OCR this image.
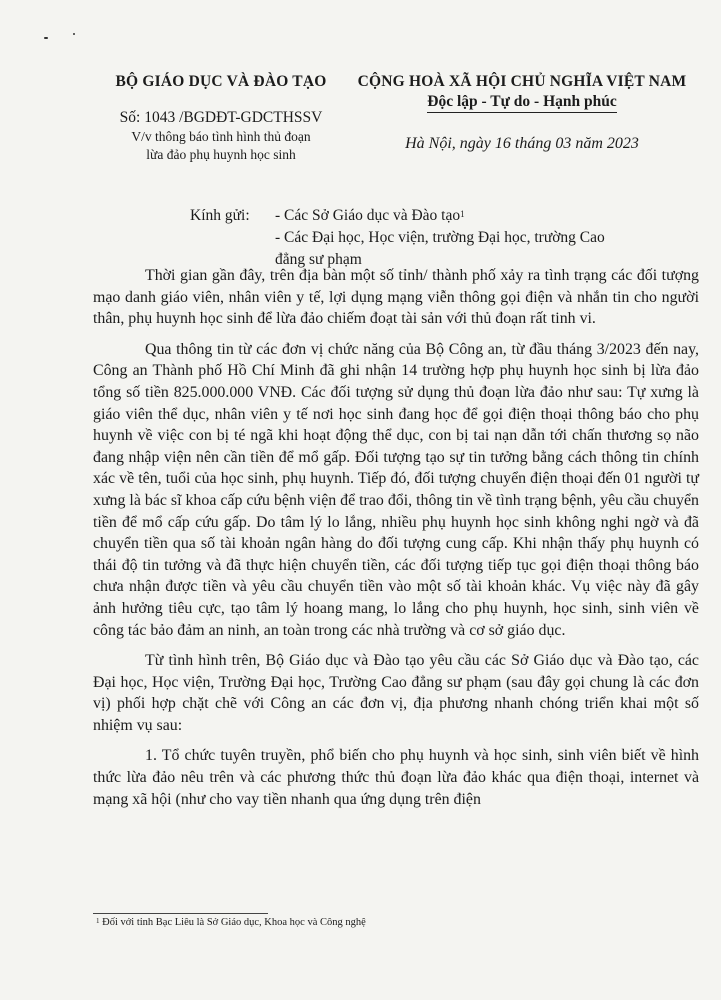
BỘ GIÁO DỤC VÀ ĐÀO TẠO
Số: 1043 /BGDĐT-GDCTHSSV
V/v thông báo tình hình thủ đoạn
lừa đảo phụ huynh học sinh
CỘNG HOÀ XÃ HỘI CHỦ NGHĨA VIỆT NAM
Độc lập - Tự do - Hạnh phúc
Hà Nội, ngày 16 tháng 03 năm 2023
Kính gửi: - Các Sở Giáo dục và Đào tạo$^1$
- Các Đại học, Học viện, trường Đại học, trường Cao
đẳng sư phạm

Thời gian gần đây, trên địa bàn một số tỉnh/ thành phố xảy ra tình trạng các đối tượng mạo danh giáo viên, nhân viên y tế, lợi dụng mạng viễn thông gọi điện và nhắn tin cho người thân, phụ huynh học sinh để lừa đảo chiếm đoạt tài sản với thủ đoạn rất tinh vi.

Qua thông tin từ các đơn vị chức năng của Bộ Công an, từ đầu tháng 3/2023 đến nay, Công an Thành phố Hồ Chí Minh đã ghi nhận 14 trường hợp phụ huynh học sinh bị lừa đảo tổng số tiền 825.000.000 VNĐ. Các đối tượng sử dụng thủ đoạn lừa đảo như sau: Tự xưng là giáo viên thể dục, nhân viên y tế nơi học sinh đang học để gọi điện thoại thông báo cho phụ huynh về việc con bị té ngã khi hoạt động thể dục, con bị tai nạn dẫn tới chấn thương sọ não đang nhập viện nên cần tiền để mổ gấp. Đối tượng tạo sự tin tưởng bằng cách thông tin chính xác về tên, tuổi của học sinh, phụ huynh. Tiếp đó, đối tượng chuyển điện thoại đến 01 người tự xưng là bác sĩ khoa cấp cứu bệnh viện để trao đổi, thông tin về tình trạng bệnh, yêu cầu chuyển tiền để mổ cấp cứu gấp. Do tâm lý lo lắng, nhiều phụ huynh học sinh không nghi ngờ và đã chuyển tiền qua số tài khoản ngân hàng do đối tượng cung cấp. Khi nhận thấy phụ huynh có thái độ tin tưởng và đã thực hiện chuyển tiền, các đối tượng tiếp tục gọi điện thoại thông báo chưa nhận được tiền và yêu cầu chuyển tiền vào một số tài khoản khác. Vụ việc này đã gây ảnh hưởng tiêu cực, tạo tâm lý hoang mang, lo lắng cho phụ huynh, học sinh, sinh viên về công tác bảo đảm an ninh, an toàn trong các nhà trường và cơ sở giáo dục.

Từ tình hình trên, Bộ Giáo dục và Đào tạo yêu cầu các Sở Giáo dục và Đào tạo, các Đại học, Học viện, Trường Đại học, Trường Cao đẳng sư phạm (sau đây gọi chung là các đơn vị) phối hợp chặt chẽ với Công an các đơn vị, địa phương nhanh chóng triển khai một số nhiệm vụ sau:

1. Tổ chức tuyên truyền, phổ biến cho phụ huynh và học sinh, sinh viên biết về hình thức lừa đảo nêu trên và các phương thức thủ đoạn lừa đảo khác qua điện thoại, internet và mạng xã hội (như cho vay tiền nhanh qua ứng dụng trên điện

$^1$ Đối với tỉnh Bạc Liêu là Sở Giáo dục, Khoa học và Công nghệ
